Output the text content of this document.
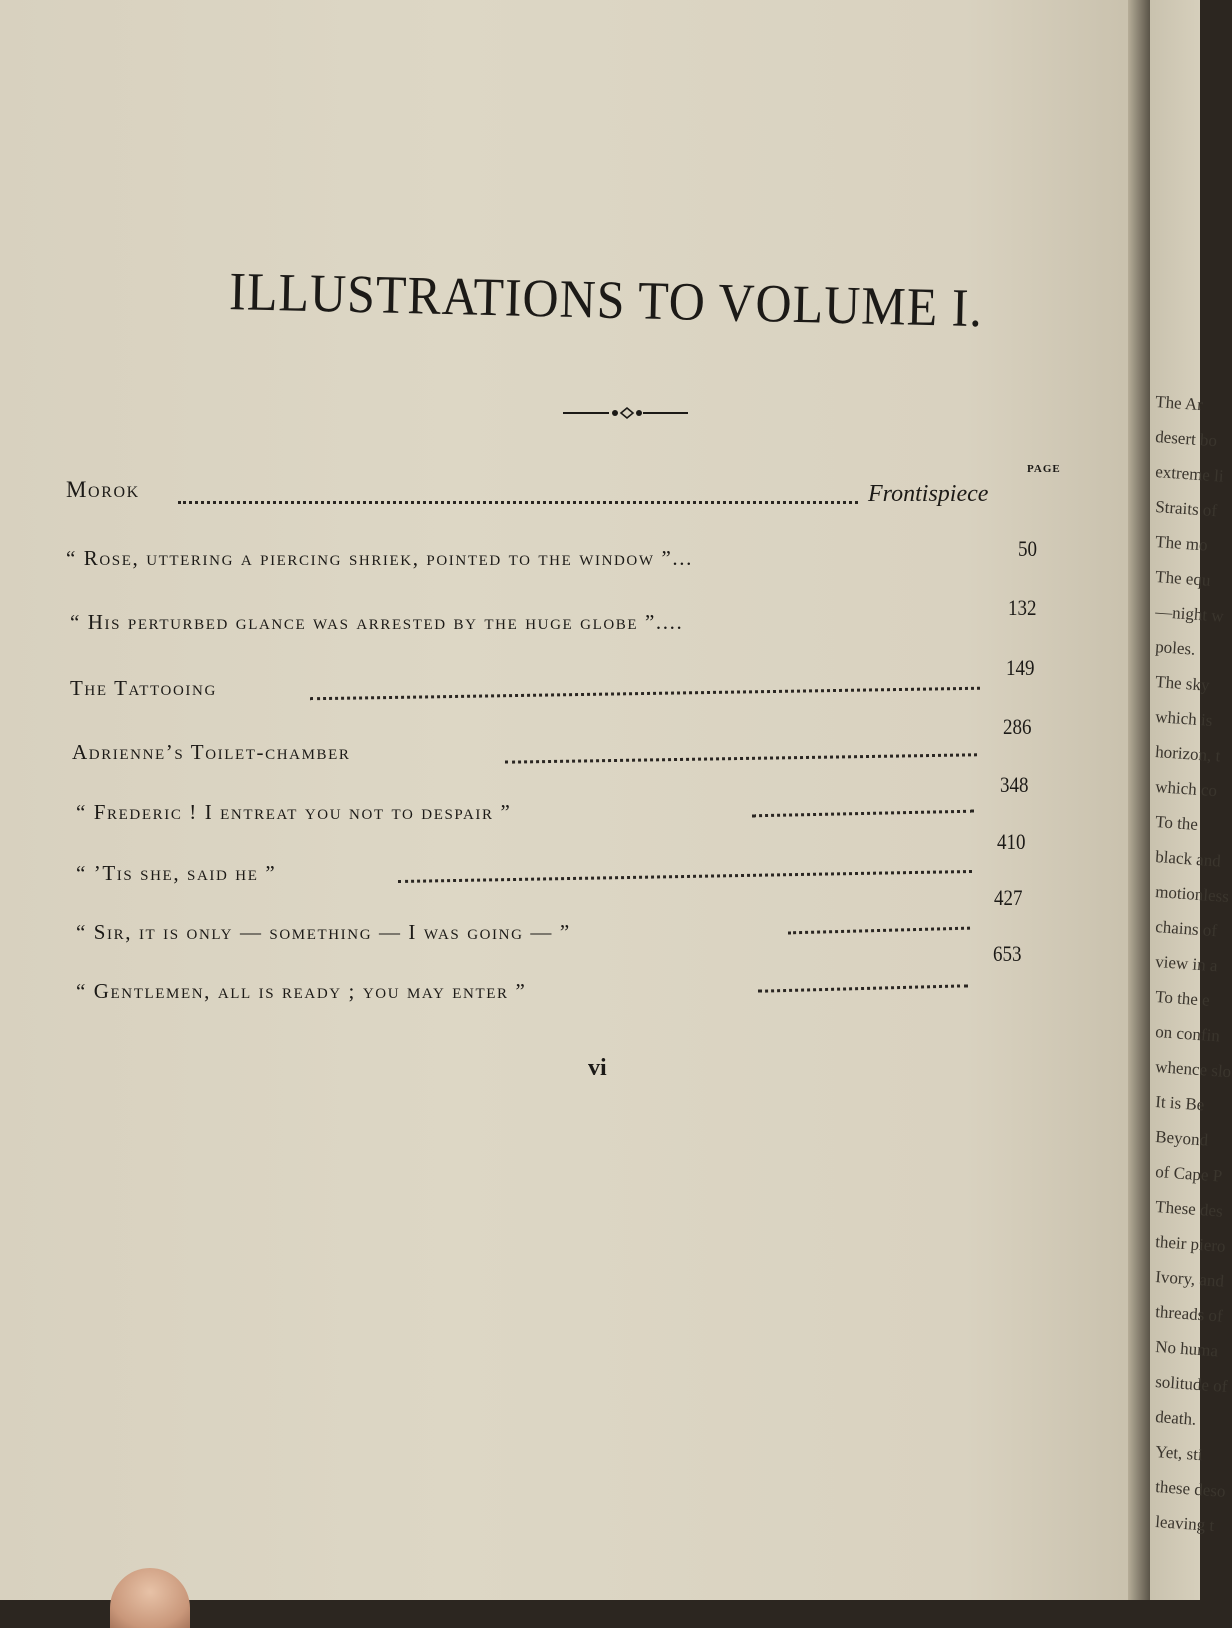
ILLUSTRATIONS TO VOLUME I.
PAGE
Morok	Frontispiece
“ Rose, uttering a piercing shriek, pointed to the window ”...	50
“ His perturbed glance was arrested by the huge globe ”....
132
The Tattooing
149
Adrienne’s Toilet-chamber
286
“ Frederic ! I entreat you not to despair ”
348
“ ’Tis she, said he ”
410
“ Sir, it is only — something — I was going — ”
427
“ Gentlemen, all is ready ; you may enter ”
653
vi
The Ar
desert bo
extreme li
Straits of
The mo
The equ
—night w
poles.
The sky
which is
horizon, t
which co
To the
black and
motionless
chains of
view in a
To the e
on confin
whence slo
It is Be
Beyond
of Cape P
These des
their piero
Ivory, and
threads of
No huma
solitude of
death.
Yet, sti
these deso
leaving t
